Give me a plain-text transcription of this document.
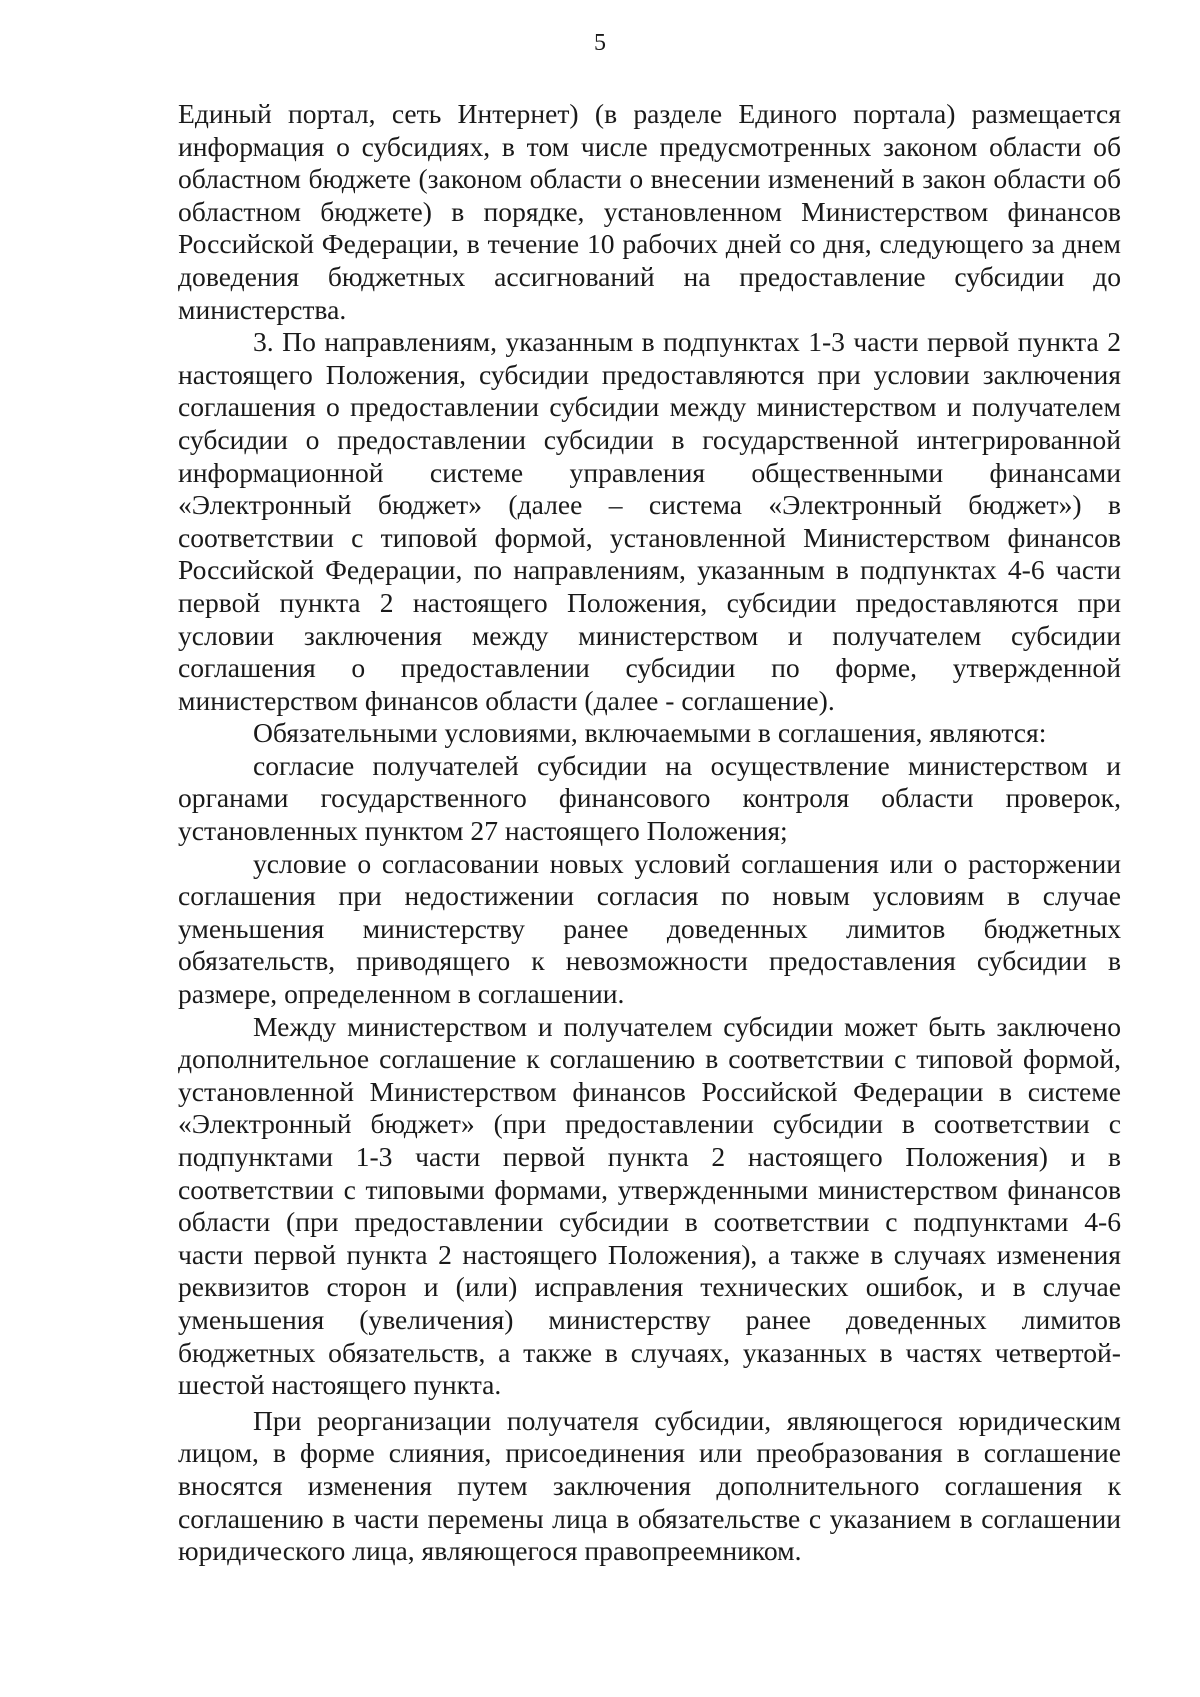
5

Единый портал, сеть Интернет) (в разделе Единого портала) размещается информация о субсидиях, в том числе предусмотренных законом области об областном бюджете (законом области о внесении изменений в закон области об областном бюджете) в порядке, установленном Министерством финансов Российской Федерации, в течение 10 рабочих дней со дня, следующего за днем доведения бюджетных ассигнований на предоставление субсидии до министерства.

3. По направлениям, указанным в подпунктах 1-3 части первой пункта 2 настоящего Положения, субсидии предоставляются при условии заключения соглашения о предоставлении субсидии между министерством и получателем субсидии о предоставлении субсидии в государственной интегрированной информационной системе управления общественными финансами «Электронный бюджет» (далее – система «Электронный бюджет») в соответствии с типовой формой, установленной Министерством финансов Российской Федерации, по направлениям, указанным в подпунктах 4-6 части первой пункта 2 настоящего Положения, субсидии предоставляются при условии заключения между министерством и получателем субсидии соглашения о предоставлении субсидии по форме, утвержденной министерством финансов области (далее - соглашение).

Обязательными условиями, включаемыми в соглашения, являются:

согласие получателей субсидии на осуществление министерством и органами государственного финансового контроля области проверок, установленных пунктом 27 настоящего Положения;

условие о согласовании новых условий соглашения или о расторжении соглашения при недостижении согласия по новым условиям в случае уменьшения министерству ранее доведенных лимитов бюджетных обязательств, приводящего к невозможности предоставления субсидии в размере, определенном в соглашении.

Между министерством и получателем субсидии может быть заключено дополнительное соглашение к соглашению в соответствии с типовой формой, установленной Министерством финансов Российской Федерации в системе «Электронный бюджет» (при предоставлении субсидии в соответствии с подпунктами 1-3 части первой пункта 2 настоящего Положения) и в соответствии с типовыми формами, утвержденными министерством финансов области (при предоставлении субсидии в соответствии с подпунктами 4-6 части первой пункта 2 настоящего Положения), а также в случаях изменения реквизитов сторон и (или) исправления технических ошибок, и в случае уменьшения (увеличения) министерству ранее доведенных лимитов бюджетных обязательств, а также в случаях, указанных в частях четвертой-шестой настоящего пункта.

При реорганизации получателя субсидии, являющегося юридическим лицом, в форме слияния, присоединения или преобразования в соглашение вносятся изменения путем заключения дополнительного соглашения к соглашению в части перемены лица в обязательстве с указанием в соглашении юридического лица, являющегося правопреемником.
